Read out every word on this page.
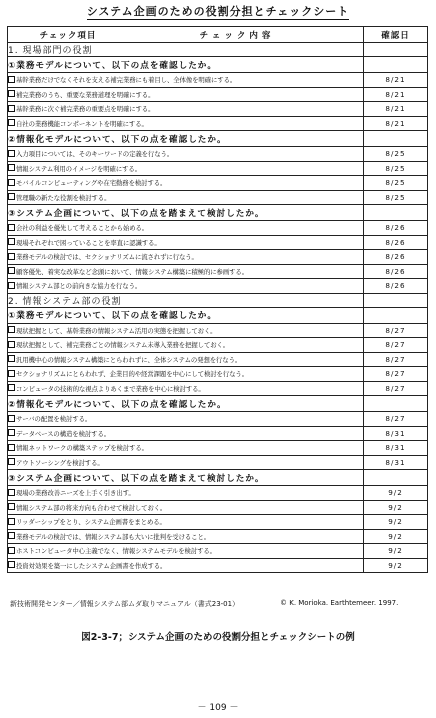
システム企画のための役割分担とチェックシート
チェック項目 チェック内容	確認日
1. 現場部門の役割	
①業務モデルについて、以下の点を確認したか。	
基幹業務だけでなくそれを支える補完業務にも着目し、全体像を明確にする。	8/21
補完業務のうち、重要な業務道理を明確にする。	8/21
基幹業務に次ぐ補完業務の重要点を明確にする。	8/21
自社の業務機能コンポーネントを明確にする。	8/21
②情報化モデルについて、以下の点を確認したか。	
入力項目については、そのキーワードの定義を行なう。	8/25
情報システム利用のイメージを明確にする。	8/25
モバイルコンピューティングや在宅勤務を検討する。	8/25
管理職の新たな役割を検討する。	8/25
③システム企画について、以下の点を踏まえて検討したか。	
会社の利益を優先して考えることから始める。	8/26
現場それぞれで困っていることを率直に認識する。	8/26
業務モデルの検討では、セクショナリズムに流されずに行なう。	8/26
顧客優先、着実な改革など念頭において、情報システム構築に積極的に参画する。	8/26
情報システム部との前向きな協力を行なう。	8/26
2. 情報システム部の役割	
①業務モデルについて、以下の点を確認したか。	
現状把握として、基幹業務の情報システム活用の実態を把握しておく。	8/27
現状把握として、補完業務ごとの情報システム未導入業務を把握しておく。	8/27
汎用機中心の情報システム構築にとらわれずに、全体システムの発想を行なう。	8/27
セクショナリズムにとらわれず、企業目的や経営課題を中心にして検討を行なう。	8/27
コンピュータの技術的な視点よりあくまで業務を中心に検討する。	8/27
②情報化モデルについて、以下の点を確認したか。	
サーバの配置を検討する。	8/27
データベースの構造を検討する。	8/31
情報ネットワークの構築ステップを検討する。	8/31
アウトソーシングを検討する。	8/31
③システム企画について、以下の点を踏まえて検討したか。	
現場の業務改善ニーズを上手く引き出す。	9/2
情報システム部の将来方向も合わせて検討しておく。	9/2
リッダーシップをとり、システム企画書をまとめる。	9/2
業務モデルの検討では、情報システム部も大いに批判を受けること。	9/2
ホストコンピュータ中心主義でなく、情報システムモデルを検討する。	9/2
投資対効果を築一にしたシステム企画書を作成する。	9/2
新技術開発センター／情報システム部ムダ取りマニュアル（書式23-01）	© K. Morioka. Earthtemeer. 1997.
図2-3-7；システム企画のための役割分担とチェックシートの例
－ 109 －
